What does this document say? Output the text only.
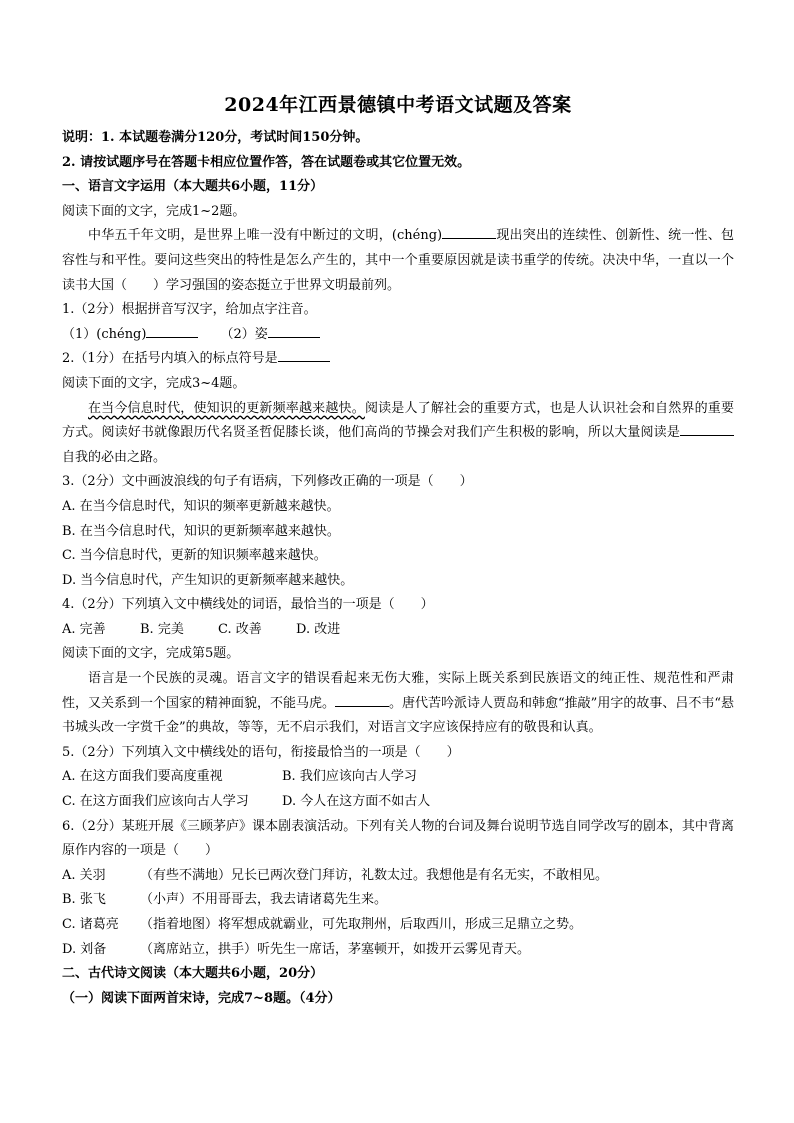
2024年江西景德镇中考语文试题及答案
说明：1. 本试题卷满分120分，考试时间150分钟。
2. 请按试题序号在答题卡相应位置作答，答在试题卷或其它位置无效。
一、语言文字运用（本大题共6小题，11分）
阅读下面的文字，完成1~2题。
中华五千年文明，是世界上唯一没有中断过的文明，(chéng)	现出突出的连续性、创新性、统一性、包容性与和平性。要问这些突出的特性是怎么产生的，其中一个重要原因就是读书重学的传统。决决中华，一直以一个读书大国（　　）学习强国的姿态挺立于世界文明最前列。
1.（2分）根据拼音写汉字，给加点字注音。
（1）(chéng)	（2）姿
2.（1分）在括号内填入的标点符号是
阅读下面的文字，完成3~4题。
在当今信息时代，使知识的更新频率越来越快。阅读是人了解社会的重要方式，也是人认识社会和自然界的重要方式。阅读好书就像跟历代名贤圣哲促膝长谈，他们高尚的节操会对我们产生积极的影响，所以大量阅读是自我的必由之路。
3.（2分）文中画波浪线的句子有语病，下列修改正确的一项是（　　）
A. 在当今信息时代，知识的频率更新越来越快。
B. 在当今信息时代，知识的更新频率越来越快。
C. 当今信息时代，更新的知识频率越来越快。
D. 当今信息时代，产生知识的更新频率越来越快。
4.（2分）下列填入文中横线处的词语，最恰当的一项是（　　）
A. 完善	B. 完美	C. 改善	D. 改进
阅读下面的文字，完成第5题。
语言是一个民族的灵魂。语言文字的错误看起来无伤大雅，实际上既关系到民族语文的纯正性、规范性和严肃性，又关系到一个国家的精神面貌，不能马虎。	。唐代苦吟派诗人贾岛和韩愈“推敲”用字的故事、吕不韦“悬书城头改一字赏千金”的典故，等等，无不启示我们，对语言文字应该保持应有的敬畏和认真。
5.（2分）下列填入文中横线处的语句，衔接最恰当的一项是（　　）
A. 在这方面我们要高度重视	B. 我们应该向古人学习
C. 在这方面我们应该向古人学习	D. 今人在这方面不如古人
6.（2分）某班开展《三顾茅庐》课本剧表演活动。下列有关人物的台词及舞台说明节选自同学改写的剧本，其中背离原作内容的一项是（　　）
A. 关羽	（有些不满地）兄长已两次登门拜访，礼数太过。我想他是有名无实，不敢相见。
B. 张飞	（小声）不用哥哥去，我去请诸葛先生来。
C. 诸葛亮 （指着地图）将军想成就霸业，可先取荆州，后取西川，形成三足鼎立之势。
D. 刘备	（离席站立，拱手）听先生一席话，茅塞顿开，如拨开云雾见青天。
二、古代诗文阅读（本大题共6小题，20分）
（一）阅读下面两首宋诗，完成7~8题。（4分）
